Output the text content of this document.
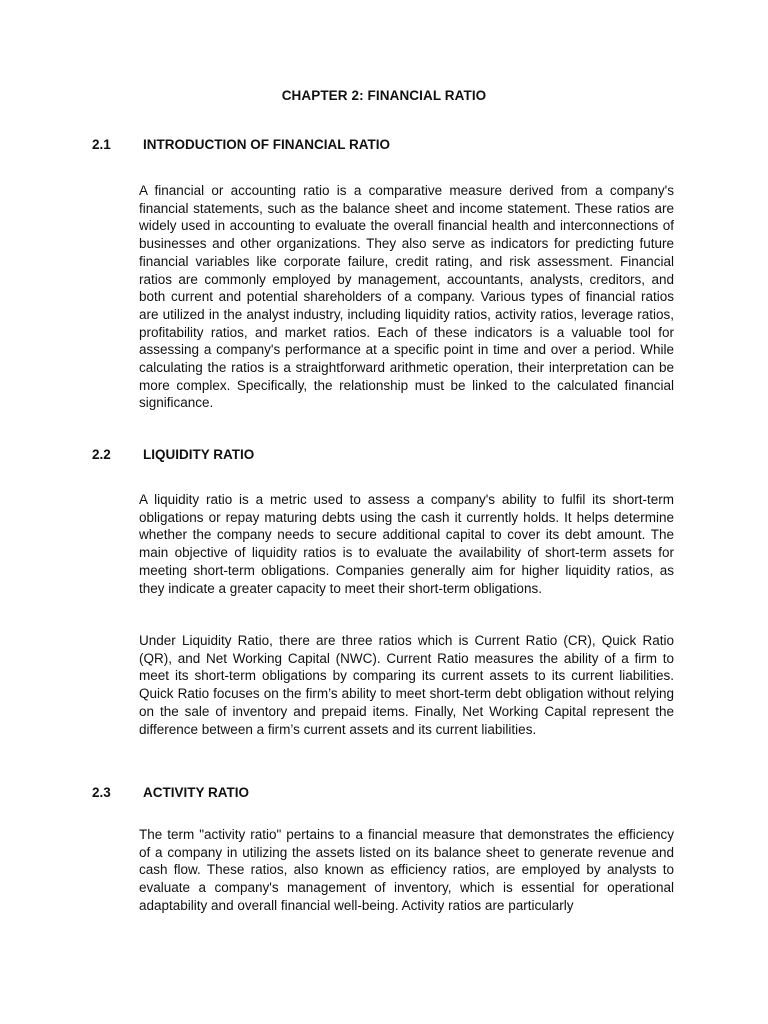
CHAPTER 2: FINANCIAL RATIO
2.1 INTRODUCTION OF FINANCIAL RATIO

A financial or accounting ratio is a comparative measure derived from a company's financial statements, such as the balance sheet and income statement. These ratios are widely used in accounting to evaluate the overall financial health and interconnections of businesses and other organizations. They also serve as indicators for predicting future financial variables like corporate failure, credit rating, and risk assessment. Financial ratios are commonly employed by management, accountants, analysts, creditors, and both current and potential shareholders of a company. Various types of financial ratios are utilized in the analyst industry, including liquidity ratios, activity ratios, leverage ratios, profitability ratios, and market ratios. Each of these indicators is a valuable tool for assessing a company's performance at a specific point in time and over a period. While calculating the ratios is a straightforward arithmetic operation, their interpretation can be more complex. Specifically, the relationship must be linked to the calculated financial significance.

2.2 LIQUIDITY RATIO

A liquidity ratio is a metric used to assess a company's ability to fulfil its short-term obligations or repay maturing debts using the cash it currently holds. It helps determine whether the company needs to secure additional capital to cover its debt amount. The main objective of liquidity ratios is to evaluate the availability of short-term assets for meeting short-term obligations. Companies generally aim for higher liquidity ratios, as they indicate a greater capacity to meet their short-term obligations.

Under Liquidity Ratio, there are three ratios which is Current Ratio (CR), Quick Ratio (QR), and Net Working Capital (NWC). Current Ratio measures the ability of a firm to meet its short-term obligations by comparing its current assets to its current liabilities. Quick Ratio focuses on the firm’s ability to meet short-term debt obligation without relying on the sale of inventory and prepaid items. Finally, Net Working Capital represent the difference between a firm’s current assets and its current liabilities.

2.3 ACTIVITY RATIO

The term "activity ratio" pertains to a financial measure that demonstrates the efficiency of a company in utilizing the assets listed on its balance sheet to generate revenue and cash flow. These ratios, also known as efficiency ratios, are employed by analysts to evaluate a company's management of inventory, which is essential for operational adaptability and overall financial well-being. Activity ratios are particularly
